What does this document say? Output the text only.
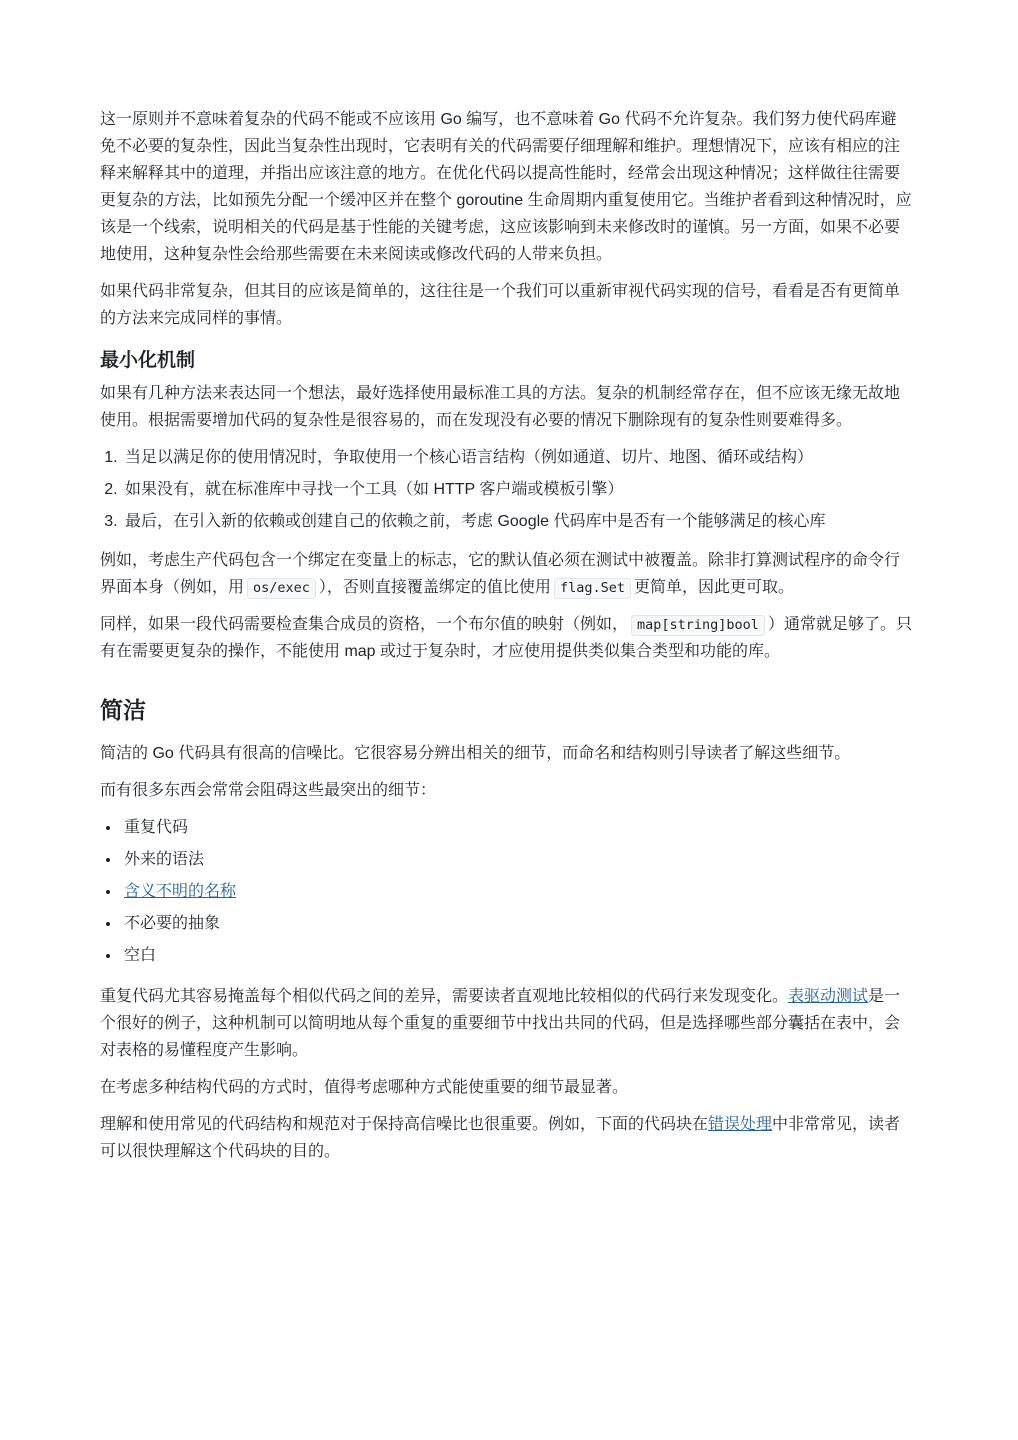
这一原则并不意味着复杂的代码不能或不应该用 Go 编写，也不意味着 Go 代码不允许复杂。我们努力使代码库避免不必要的复杂性，因此当复杂性出现时，它表明有关的代码需要仔细理解和维护。理想情况下，应该有相应的注释来解释其中的道理，并指出应该注意的地方。在优化代码以提高性能时，经常会出现这种情况；这样做往往需要更复杂的方法，比如预先分配一个缓冲区并在整个 goroutine 生命周期内重复使用它。当维护者看到这种情况时，应该是一个线索，说明相关的代码是基于性能的关键考虑，这应该影响到未来修改时的谨慎。另一方面，如果不必要地使用，这种复杂性会给那些需要在未来阅读或修改代码的人带来负担。

如果代码非常复杂，但其目的应该是简单的，这往往是一个我们可以重新审视代码实现的信号，看看是否有更简单的方法来完成同样的事情。

最小化机制

如果有几种方法来表达同一个想法，最好选择使用最标准工具的方法。复杂的机制经常存在，但不应该无缘无故地使用。根据需要增加代码的复杂性是很容易的，而在发现没有必要的情况下删除现有的复杂性则要难得多。

1. 当足以满足你的使用情况时，争取使用一个核心语言结构（例如通道、切片、地图、循环或结构）
2. 如果没有，就在标准库中寻找一个工具（如 HTTP 客户端或模板引擎）
3. 最后，在引入新的依赖或创建自己的依赖之前，考虑 Google 代码库中是否有一个能够满足的核心库

例如，考虑生产代码包含一个绑定在变量上的标志，它的默认值必须在测试中被覆盖。除非打算测试程序的命令行界面本身（例如，用 os/exec ），否则直接覆盖绑定的值比使用 flag.Set 更简单，因此更可取。

同样，如果一段代码需要检查集合成员的资格，一个布尔值的映射（例如， map[string]bool ）通常就足够了。只有在需要更复杂的操作，不能使用 map 或过于复杂时，才应使用提供类似集合类型和功能的库。

简洁

简洁的 Go 代码具有很高的信噪比。它很容易分辨出相关的细节，而命名和结构则引导读者了解这些细节。

而有很多东西会常常会阻碍这些最突出的细节：

• 重复代码
• 外来的语法
• 含义不明的名称
• 不必要的抽象
• 空白

重复代码尤其容易掩盖每个相似代码之间的差异，需要读者直观地比较相似的代码行来发现变化。表驱动测试是一个很好的例子，这种机制可以简明地从每个重复的重要细节中找出共同的代码，但是选择哪些部分囊括在表中，会对表格的易懂程度产生影响。

在考虑多种结构代码的方式时，值得考虑哪种方式能使重要的细节最显著。

理解和使用常见的代码结构和规范对于保持高信噪比也很重要。例如，下面的代码块在错误处理中非常常见，读者可以很快理解这个代码块的目的。
